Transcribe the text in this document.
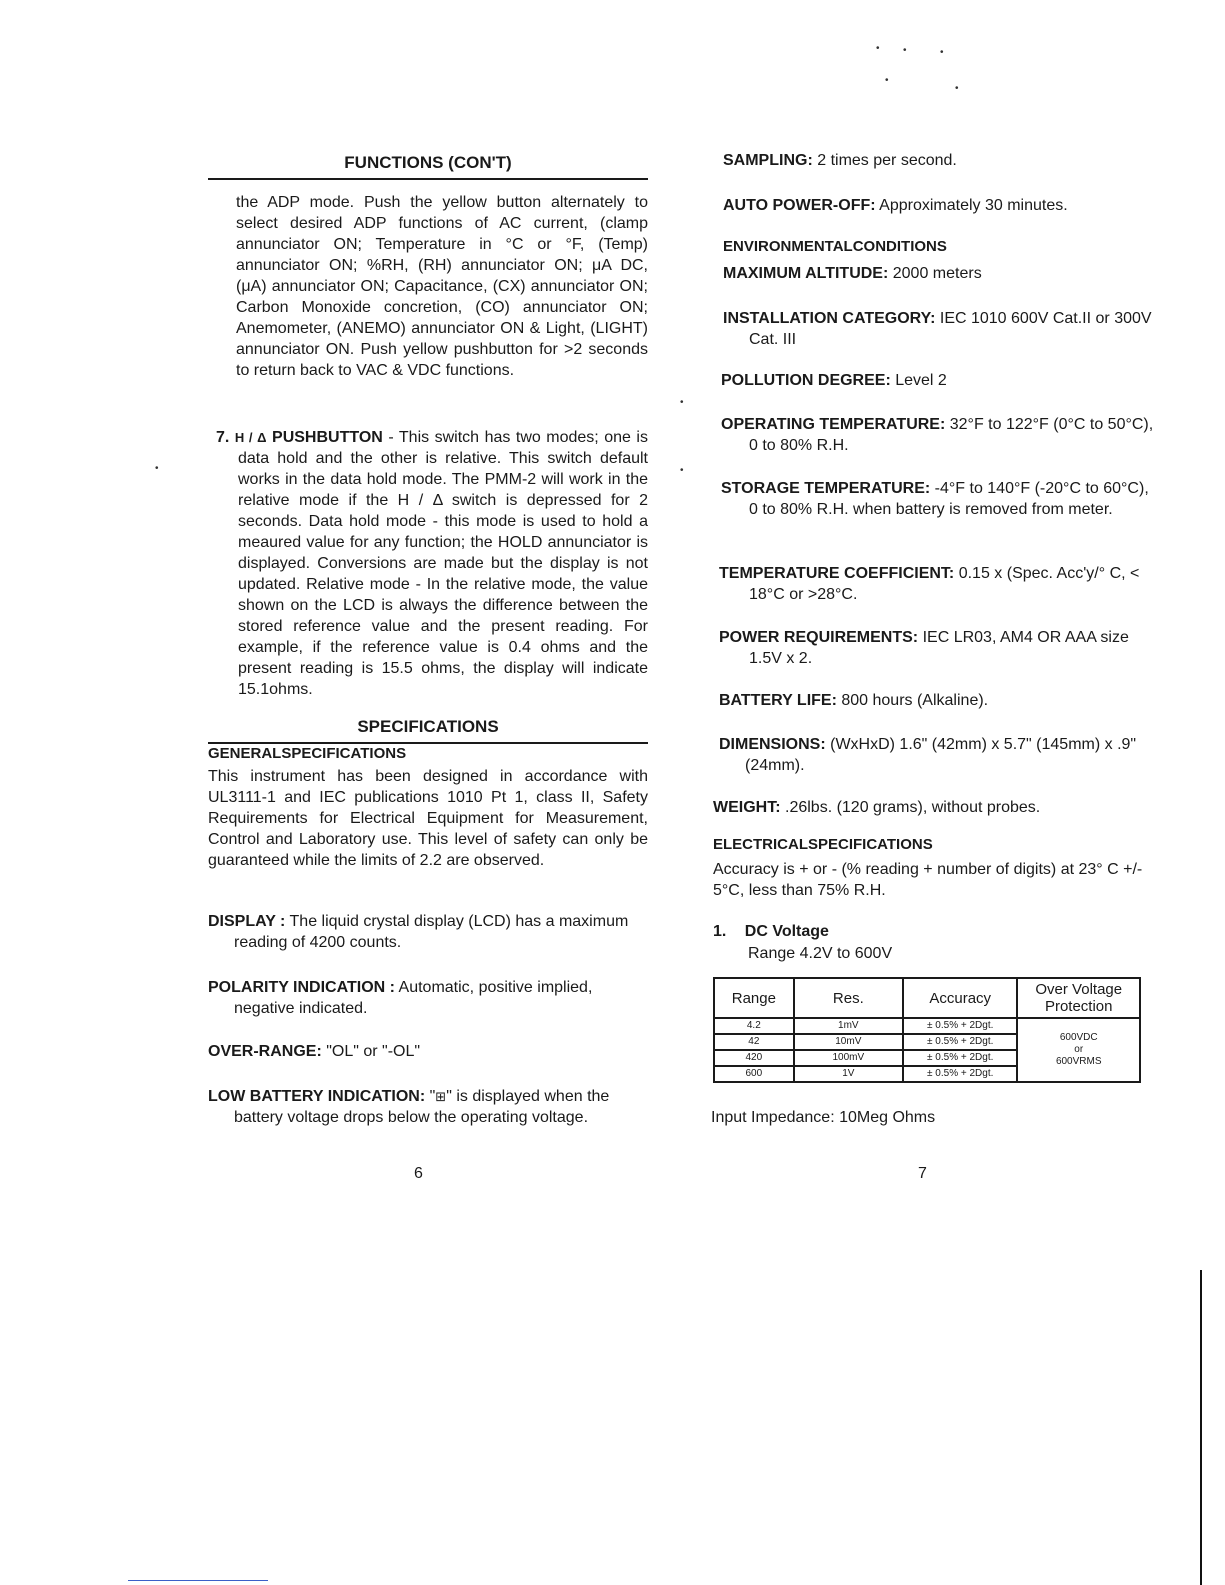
FUNCTIONS (CON'T)
the ADP mode. Push the yellow button alternately to select desired ADP functions of AC current, (clamp annunciator ON; Temperature in °C or °F, (Temp) annunciator ON; %RH, (RH) annunciator ON; μA DC, (μA) annunciator ON; Capacitance, (CX) annunciator ON; Carbon Monoxide concretion, (CO) annunciator ON; Anemometer, (ANEMO) annunciator ON & Light, (LIGHT) annunciator ON. Push yellow pushbutton for >2 seconds to return back to VAC & VDC functions.
7. H / Δ PUSHBUTTON - This switch has two modes; one is data hold and the other is relative. This switch default works in the data hold mode. The PMM-2 will work in the relative mode if the H / Δ switch is depressed for 2 seconds. Data hold mode - this mode is used to hold a meaured value for any function; the HOLD annunciator is displayed. Conversions are made but the display is not updated. Relative mode - In the relative mode, the value shown on the LCD is always the difference between the stored reference value and the present reading. For example, if the reference value is 0.4 ohms and the present reading is 15.5 ohms, the display will indicate 15.1ohms.
SPECIFICATIONS
GENERALSPECIFICATIONS
This instrument has been designed in accordance with UL3111-1 and IEC publications 1010 Pt 1, class II, Safety Requirements for Electrical Equipment for Measurement, Control and Laboratory use. This level of safety can only be guaranteed while the limits of 2.2 are observed.
DISPLAY : The liquid crystal display (LCD) has a maximum reading of 4200 counts.
POLARITY INDICATION : Automatic, positive implied, negative indicated.
OVER-RANGE: "OL" or "-OL"
LOW BATTERY INDICATION: "⊞" is displayed when the battery voltage drops below the operating voltage.
6
SAMPLING: 2 times per second.
AUTO POWER-OFF: Approximately 30 minutes.
ENVIRONMENTALCONDITIONS
MAXIMUM ALTITUDE: 2000 meters
INSTALLATION CATEGORY: IEC 1010 600V Cat.II or 300V Cat. III
POLLUTION DEGREE: Level 2
OPERATING TEMPERATURE: 32°F to 122°F (0°C to 50°C), 0 to 80% R.H.
STORAGE TEMPERATURE: -4°F to 140°F (-20°C to 60°C), 0 to 80% R.H. when battery is removed from meter.
TEMPERATURE COEFFICIENT: 0.15 x (Spec. Acc'y/° C, < 18°C or >28°C.
POWER REQUIREMENTS: IEC LR03, AM4 OR AAA size 1.5V x 2.
BATTERY LIFE: 800 hours (Alkaline).
DIMENSIONS: (WxHxD) 1.6" (42mm) x 5.7" (145mm) x .9" (24mm).
WEIGHT: .26lbs. (120 grams), without probes.
ELECTRICALSPECIFICATIONS
Accuracy is + or - (% reading + number of digits) at 23° C +/- 5°C, less than 75% R.H.
1. DC Voltage
Range 4.2V to 600V
Range	Res.	Accuracy	Over Voltage Protection
4.2	1mV	± 0.5% + 2Dgt.	600VDC
or
600VRMS

42	10mV	± 0.5% + 2Dgt.	
420	100mV	± 0.5% + 2Dgt.	
600	1V	± 0.5% + 2Dgt.	
Input Impedance: 10Meg Ohms
7
• •	•
•
•
•
•
•
